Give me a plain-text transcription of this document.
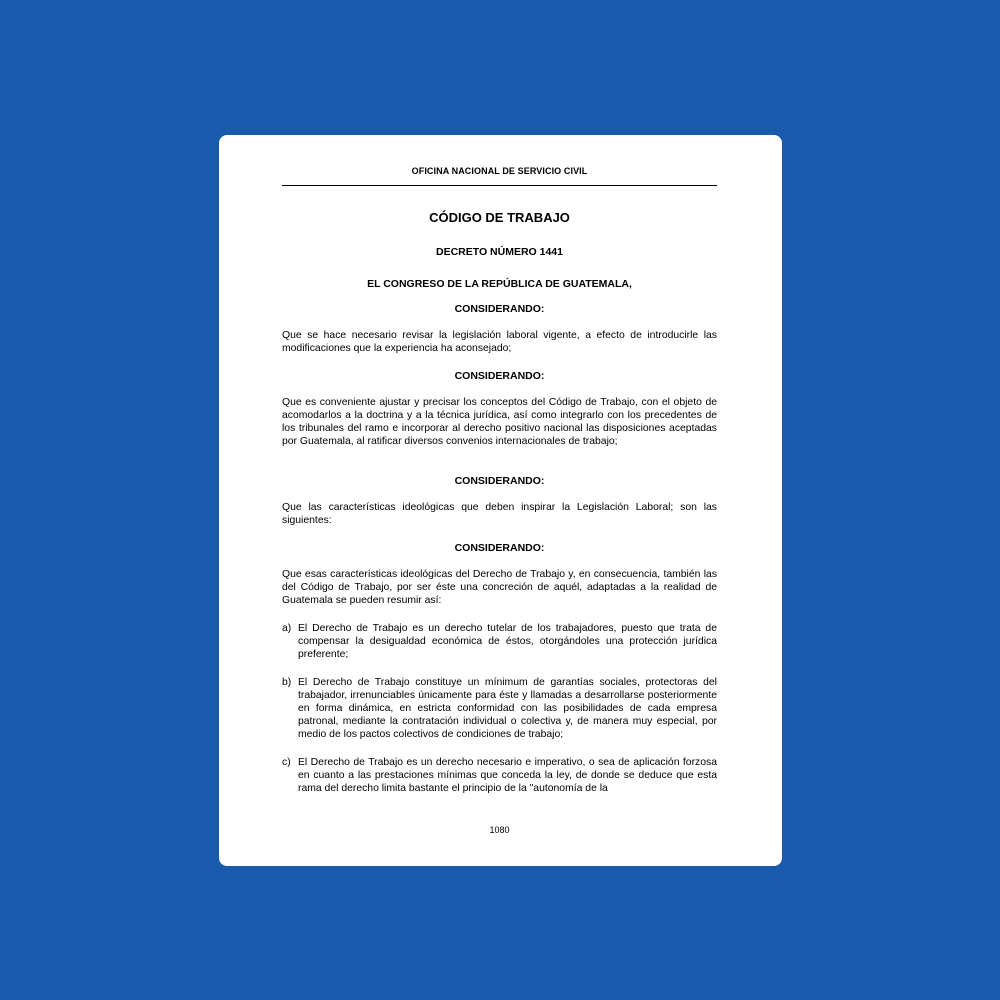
OFICINA NACIONAL DE SERVICIO CIVIL
CÓDIGO DE TRABAJO
DECRETO NÚMERO 1441
EL CONGRESO DE LA REPÚBLICA DE GUATEMALA,
CONSIDERANDO:
Que se hace necesario revisar la legislación laboral vigente, a efecto de introducirle las modificaciones que la experiencia ha aconsejado;
CONSIDERANDO:
Que es conveniente ajustar y precisar los conceptos del Código de Trabajo, con el objeto de acomodarlos a la doctrina y a la técnica jurídica, así como integrarlo con los precedentes de los tribunales del ramo e incorporar al derecho positivo nacional las disposiciones aceptadas por Guatemala, al ratificar diversos convenios internacionales de trabajo;
CONSIDERANDO:
Que las características ideológicas que deben inspirar la Legislación Laboral; son las siguientes:
CONSIDERANDO:
Que esas características ideológicas del Derecho de Trabajo y, en consecuencia, también las del Código de Trabajo, por ser éste una concreción de aquél, adaptadas a la realidad de Guatemala se pueden resumir así:
a) El Derecho de Trabajo es un derecho tutelar de los trabajadores, puesto que trata de compensar la desigualdad económica de éstos, otorgándoles una protección jurídica preferente;
b) El Derecho de Trabajo constituye un mínimum de garantías sociales, protectoras del trabajador, irrenunciables únicamente para éste y llamadas a desarrollarse posteriormente en forma dinámica, en estricta conformidad con las posibilidades de cada empresa patronal, mediante la contratación individual o colectiva y, de manera muy especial, por medio de los pactos colectivos de condiciones de trabajo;
c) El Derecho de Trabajo es un derecho necesario e imperativo, o sea de aplicación forzosa en cuanto a las prestaciones mínimas que conceda la ley, de donde se deduce que esta rama del derecho limita bastante el principio de la "autonomía de la
1080
